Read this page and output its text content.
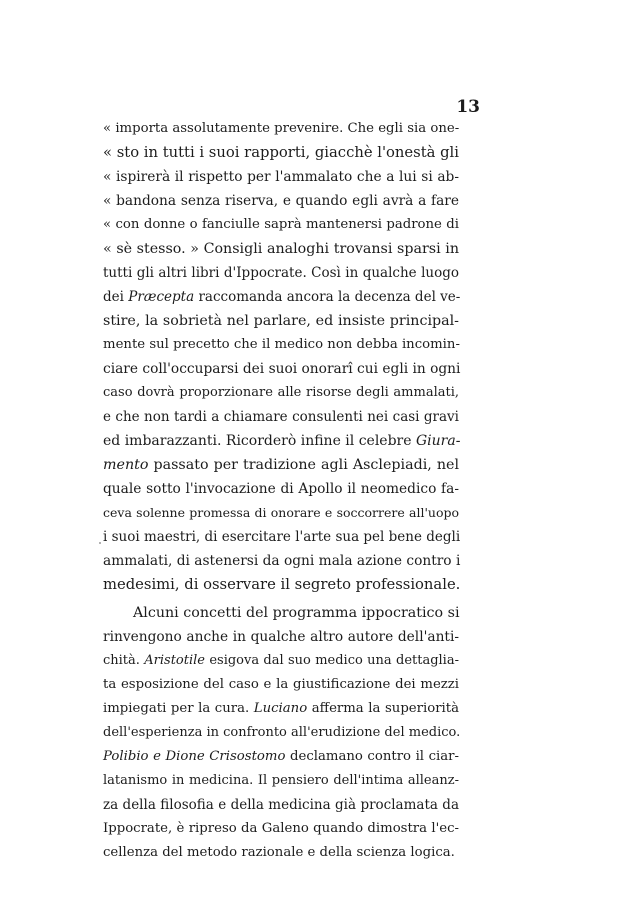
13
« importa assolutamente prevenire. Che egli sia one-
« sto in tutti i suoi rapporti, giacchè l'onestà gli
« ispirerà il rispetto per l'ammalato che a lui si ab-
« bandona senza riserva, e quando egli avrà a fare
« con donne o fanciulle saprà mantenersi padrone di
« sè stesso. » Consigli analoghi trovansi sparsi in
tutti gli altri libri d'Ippocrate. Così in qualche luogo
dei Præcepta raccomanda ancora la decenza del ve-
stire, la sobrietà nel parlare, ed insiste principal-
mente sul precetto che il medico non debba incomin-
ciare coll'occuparsi dei suoi onorarî cui egli in ogni
caso dovrà proporzionare alle risorse degli ammalati,
e che non tardi a chiamare consulenti nei casi gravi
ed imbarazzanti. Ricorderò infine il celebre Giura-
mento passato per tradizione agli Asclepiadi, nel
quale sotto l'invocazione di Apollo il neomedico fa-
ceva solenne promessa di onorare e soccorrere all'uopo
i suoi maestri, di esercitare l'arte sua pel bene degli
ammalati, di astenersi da ogni mala azione contro i
medesimi, di osservare il segreto professionale.
Alcuni concetti del programma ippocratico si
rinvengono anche in qualche altro autore dell'anti-
chità. Aristotile esigova dal suo medico una dettaglia-
ta esposizione del caso e la giustificazione dei mezzi
impiegati per la cura. Luciano afferma la superiorità
dell'esperienza in confronto all'erudizione del medico.
Polibio e Dione Crisostomo declamano contro il ciar-
latanismo in medicina. Il pensiero dell'intima alleanz-
za della filosofia e della medicina già proclamata da
Ippocrate, è ripreso da Galeno quando dimostra l'ec-
cellenza del metodo razionale e della scienza logica.
